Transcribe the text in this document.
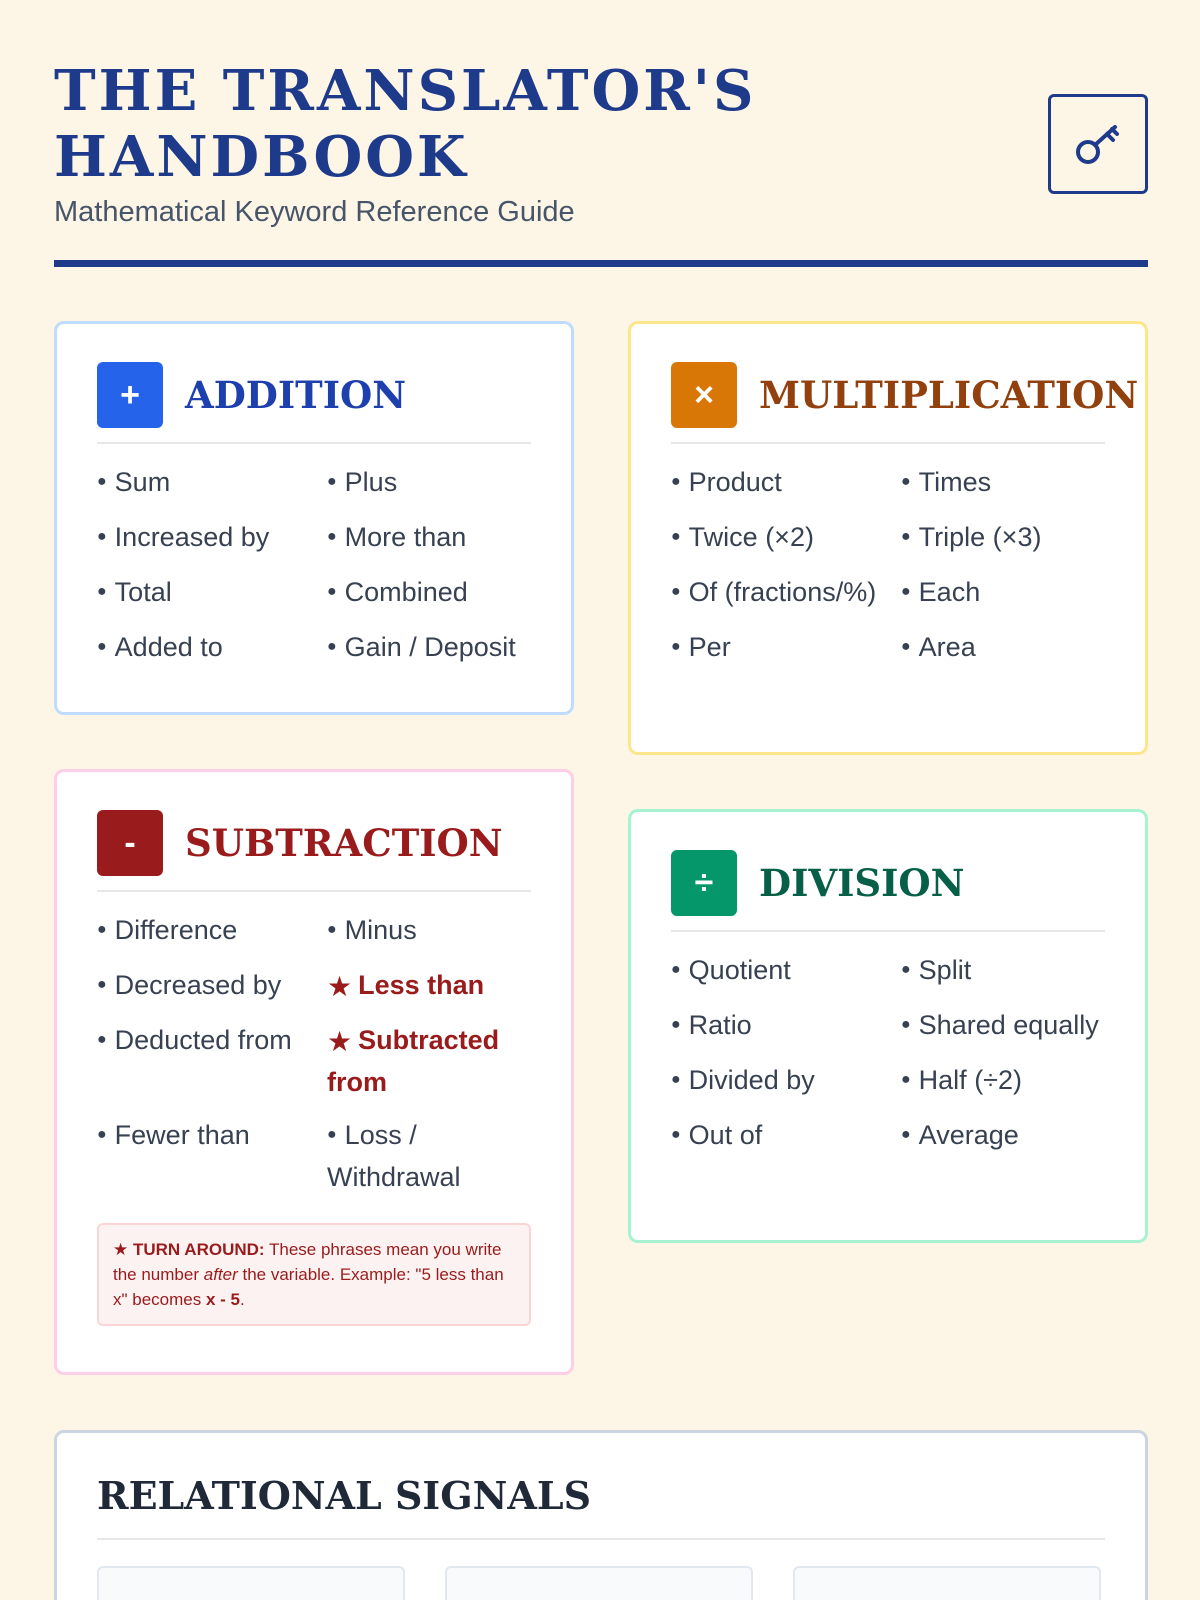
THE TRANSLATOR'S HANDBOOK
Mathematical Keyword Reference Guide
+	ADDITION
● Sum	● Plus
● Increased by	● More than
● Total	● Combined
● Added to	● Gain / Deposit
×	MULTIPLICATION
● Product	● Times
● Twice (×2)	● Triple (×3)
● Of (fractions/%)	● Each
● Per	● Area
-	SUBTRACTION
● Difference	● Minus
● Decreased by	★ Less than
● Deducted from	★ Subtracted from
● Fewer than	● Loss / Withdrawal
★ TURN AROUND: These phrases mean you write the number after the variable. Example: "5 less than x" becomes x - 5.
÷	DIVISION
● Quotient	● Split
● Ratio	● Shared equally
● Divided by	● Half (÷2)
● Out of	● Average
RELATIONAL SIGNALS
